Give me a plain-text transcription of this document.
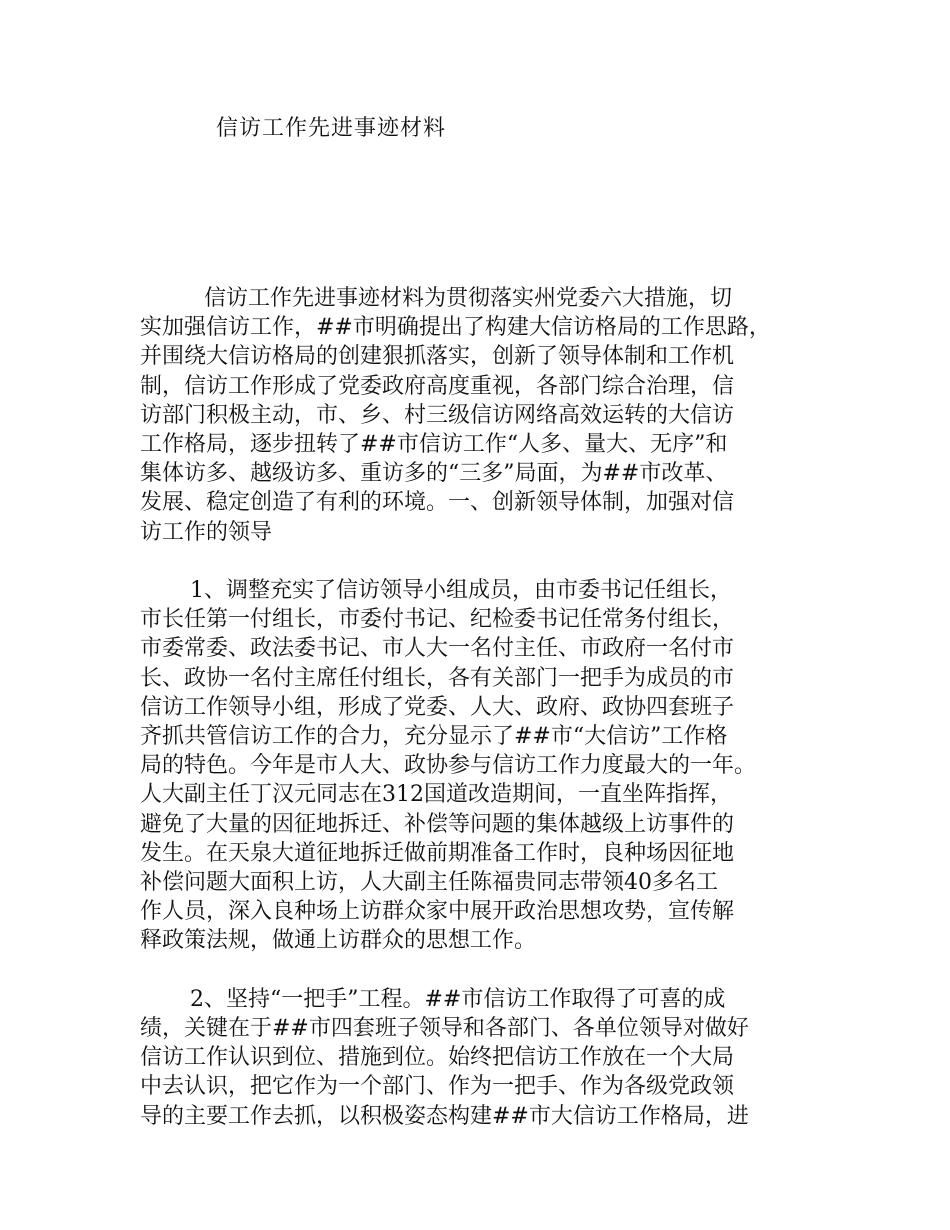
信访工作先进事迹材料

信访工作先进事迹材料为贯彻落实州党委六大措施，切
实加强信访工作，##市明确提出了构建大信访格局的工作思路，
并围绕大信访格局的创建狠抓落实，创新了领导体制和工作机
制，信访工作形成了党委政府高度重视，各部门综合治理，信
访部门积极主动，市、乡、村三级信访网络高效运转的大信访
工作格局，逐步扭转了##市信访工作“人多、量大、无序”和
集体访多、越级访多、重访多的“三多”局面，为##市改革、
发展、稳定创造了有利的环境。一、创新领导体制，加强对信
访工作的领导

1、调整充实了信访领导小组成员，由市委书记任组长，
市长任第一付组长，市委付书记、纪检委书记任常务付组长，
市委常委、政法委书记、市人大一名付主任、市政府一名付市
长、政协一名付主席任付组长，各有关部门一把手为成员的市
信访工作领导小组，形成了党委、人大、政府、政协四套班子
齐抓共管信访工作的合力，充分显示了##市“大信访”工作格
局的特色。今年是市人大、政协参与信访工作力度最大的一年。
人大副主任丁汉元同志在312国道改造期间，一直坐阵指挥，
避免了大量的因征地拆迁、补偿等问题的集体越级上访事件的
发生。在天泉大道征地拆迁做前期准备工作时，良种场因征地
补偿问题大面积上访，人大副主任陈福贵同志带领40多名工
作人员，深入良种场上访群众家中展开政治思想攻势，宣传解
释政策法规，做通上访群众的思想工作。

2、坚持“一把手”工程。##市信访工作取得了可喜的成
绩，关键在于##市四套班子领导和各部门、各单位领导对做好
信访工作认识到位、措施到位。始终把信访工作放在一个大局
中去认识，把它作为一个部门、作为一把手、作为各级党政领
导的主要工作去抓，以积极姿态构建##市大信访工作格局，进
